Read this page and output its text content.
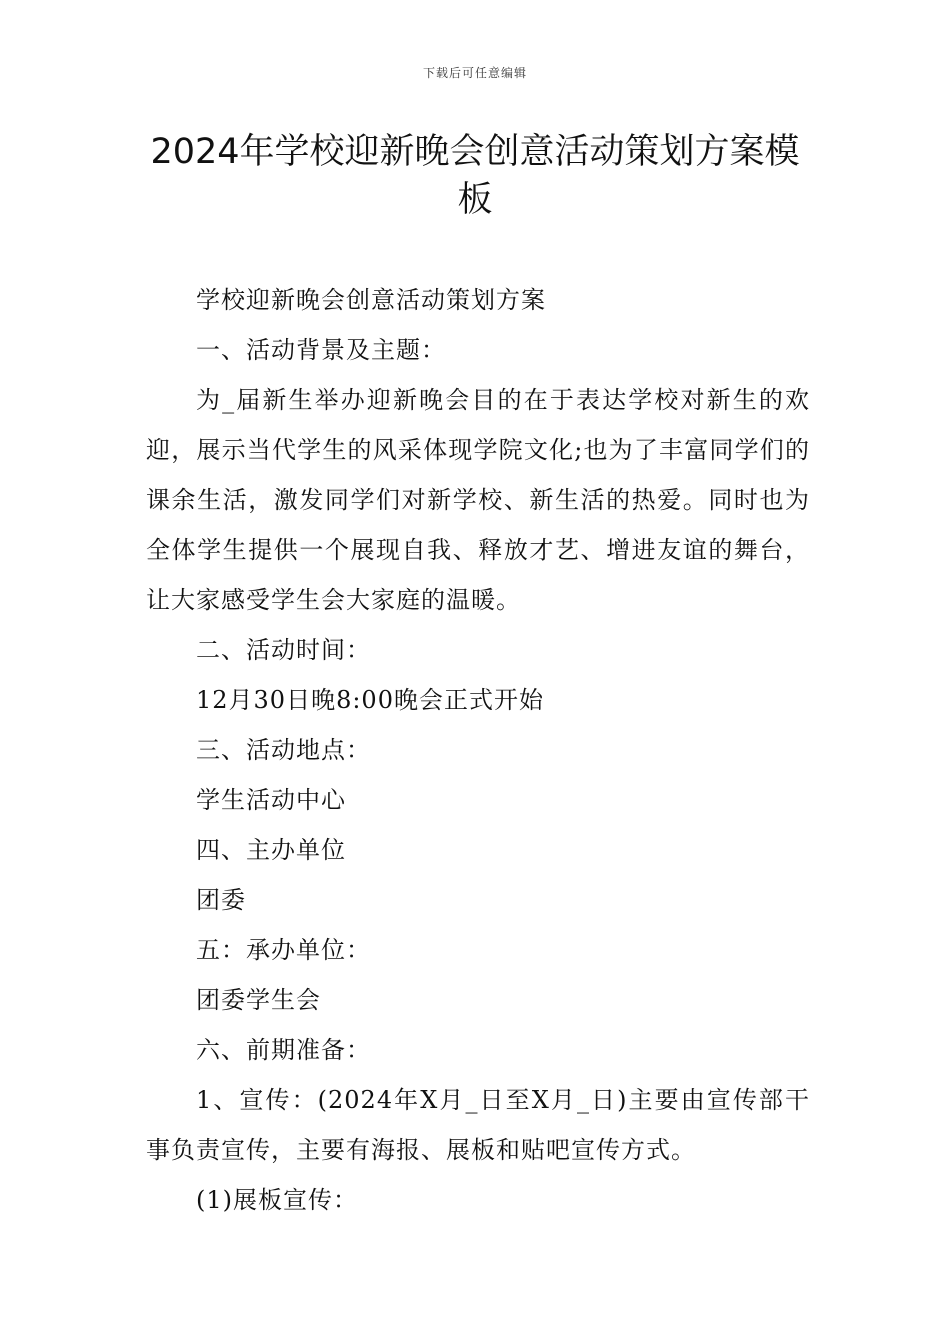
下载后可任意编辑
2024年学校迎新晚会创意活动策划方案模板

学校迎新晚会创意活动策划方案

一、活动背景及主题：

为_届新生举办迎新晚会目的在于表达学校对新生的欢迎，展示当代学生的风采体现学院文化;也为了丰富同学们的课余生活，激发同学们对新学校、新生活的热爱。同时也为全体学生提供一个展现自我、释放才艺、增进友谊的舞台，让大家感受学生会大家庭的温暖。

二、活动时间：

12月30日晚8:00晚会正式开始

三、活动地点：

学生活动中心

四、主办单位

团委

五：承办单位：

团委学生会

六、前期准备：

1、宣传：(2024年X月_日至X月_日)主要由宣传部干事负责宣传，主要有海报、展板和贴吧宣传方式。

(1)展板宣传：
